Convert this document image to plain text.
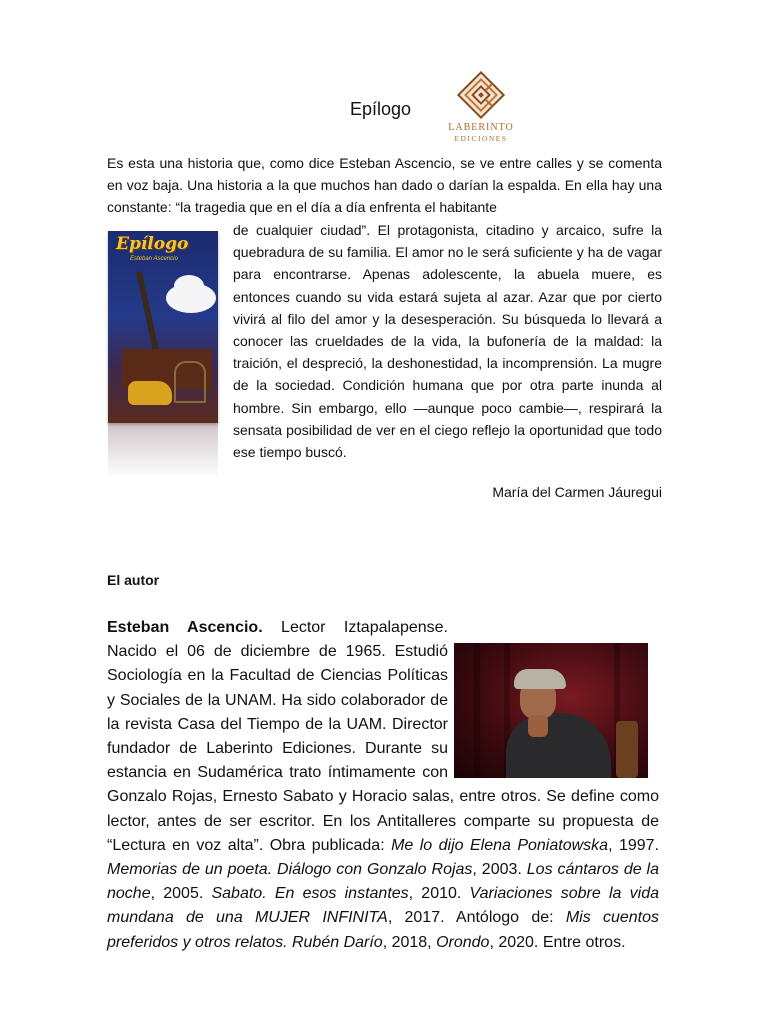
Epílogo
LABERINTO
EDICIONES

Es esta una historia que, como dice Esteban Ascencio, se ve entre calles y se comenta en voz baja. Una historia a la que muchos han dado o darían la espalda. En ella hay una constante: “la tragedia que en el día a día enfrenta el habitante

Epílogo
Esteban Ascencio

de cualquier ciudad”. El protagonista, citadino y arcaico, sufre la quebradura de su familia. El amor no le será suficiente y ha de vagar para encontrarse. Apenas adolescente, la abuela muere, es entonces cuando su vida estará sujeta al azar. Azar que por cierto vivirá al filo del amor y la desesperación. Su búsqueda lo llevará a conocer las crueldades de la vida, la bufonería de la maldad: la traición, el despreció, la deshonestidad, la incomprensión. La mugre de la sociedad. Condición humana que por otra parte inunda al hombre. Sin embargo, ello —aunque poco cambie—, respirará la sensata posibilidad de ver en el ciego reflejo la oportunidad que todo ese tiempo buscó.

María del Carmen Jáuregui
El autor

Esteban Ascencio. Lector Iztapalapense. Nacido el 06 de diciembre de 1965. Estudió Sociología en la Facultad de Ciencias Políticas y Sociales de la UNAM. Ha sido colaborador de la revista Casa del Tiempo de la UAM. Director fundador de Laberinto Ediciones. Durante su estancia en Sudamérica trato íntimamente con Gonzalo Rojas, Ernesto Sabato y Horacio salas, entre otros. Se define como lector, antes de ser escritor. En los Antitalleres comparte su propuesta de “Lectura en voz alta”. Obra publicada: Me lo dijo Elena Poniatowska, 1997. Memorias de un poeta. Diálogo con Gonzalo Rojas, 2003. Los cántaros de la noche, 2005. Sabato. En esos instantes, 2010. Variaciones sobre la vida mundana de una MUJER INFINITA, 2017. Antólogo de: Mis cuentos preferidos y otros relatos. Rubén Darío, 2018, Orondo, 2020. Entre otros.
